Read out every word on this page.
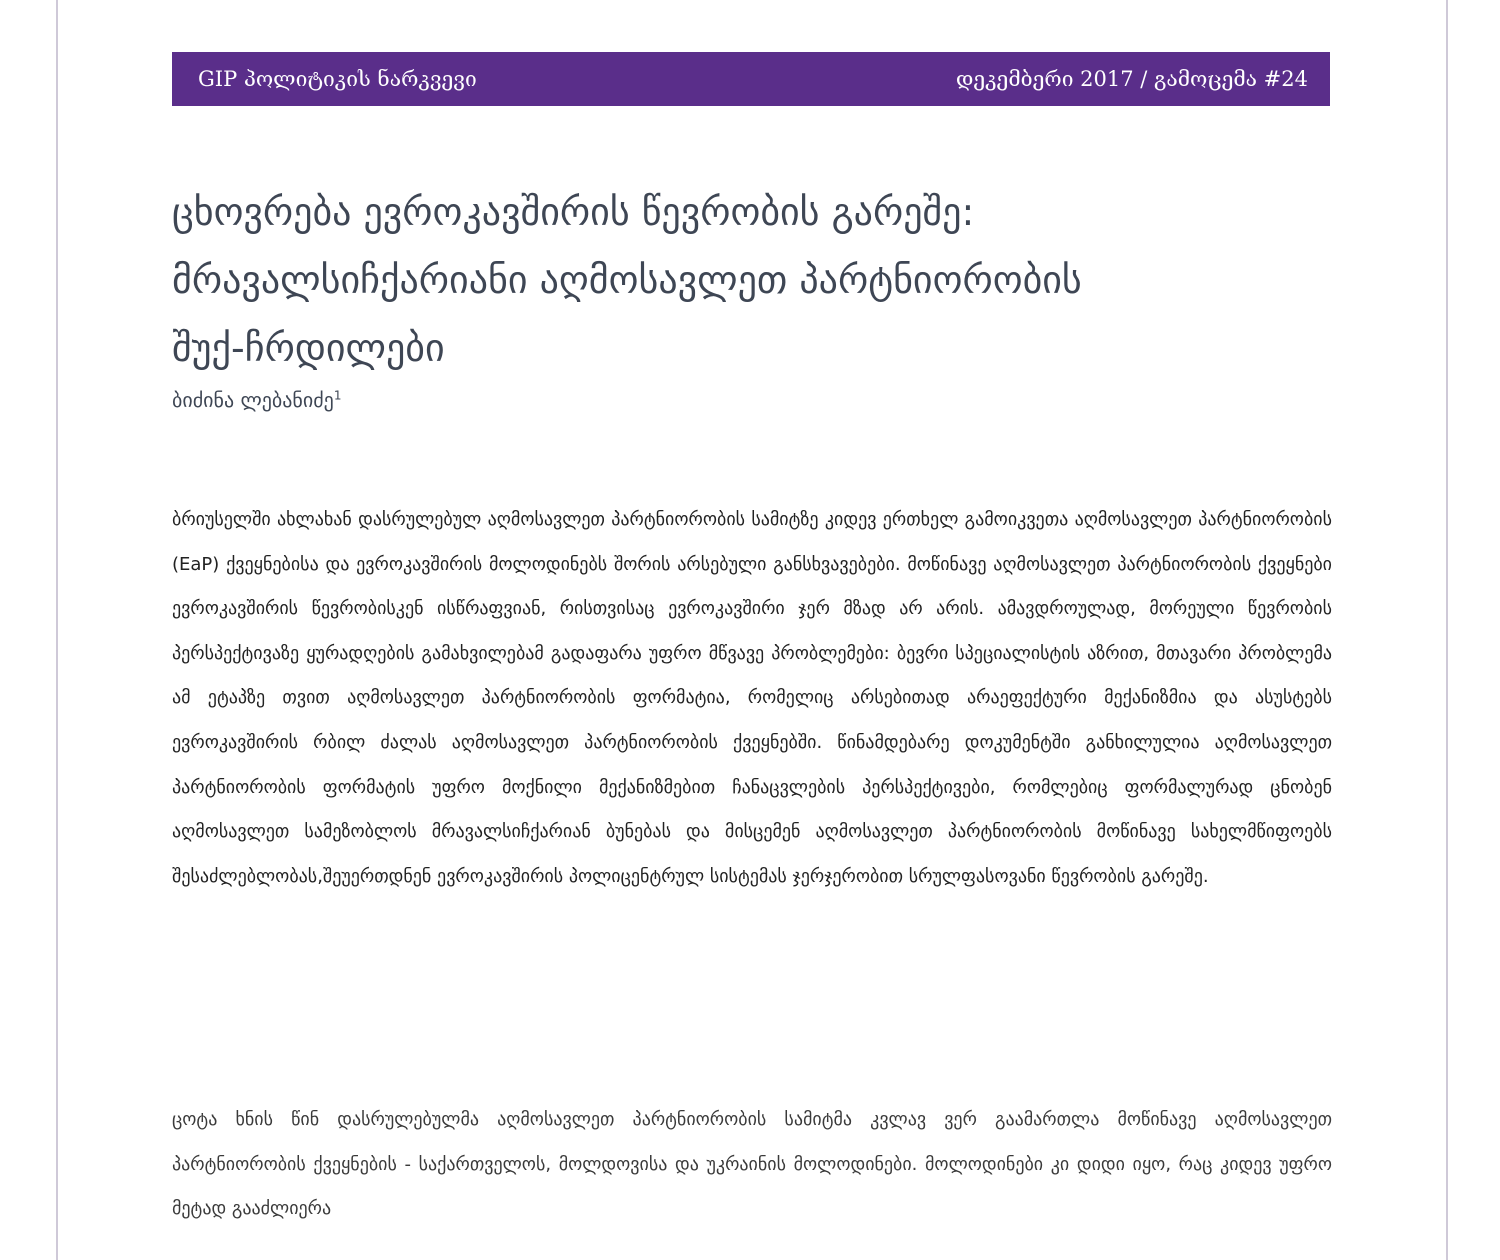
GIP პოლიტიკის ნარკვევი	დეკემბერი 2017 / გამოცემა #24
ცხოვრება ევროკავშირის წევრობის გარეშე:
მრავალსიჩქარიანი აღმოსავლეთ პარტნიორობის
შუქ-ჩრდილები
ბიძინა ლებანიძე$^1$

ბრიუსელში ახლახან დასრულებულ აღმოსავლეთ პარტნიორობის სამიტზე კიდევ ერთხელ გამოიკვეთა აღმოსავლეთ პარტნიორობის (EaP) ქვეყნებისა და ევროკავშირის მოლოდინებს შორის არსებული განსხვავებები. მოწინავე აღმოსავლეთ პარტნიორობის ქვეყნები ევროკავშირის წევრობისკენ ისწრაფვიან, რისთვისაც ევროკავშირი ჯერ მზად არ არის. ამავდროულად, მორეული წევრობის პერსპექტივაზე ყურადღების გამახვილებამ გადაფარა უფრო მწვავე პრობლემები: ბევრი სპეციალისტის აზრით, მთავარი პრობლემა ამ ეტაპზე თვით აღმოსავლეთ პარტნიორობის ფორმატია, რომელიც არსებითად არაეფექტური მექანიზმია და ასუსტებს ევროკავშირის რბილ ძალას აღმოსავლეთ პარტნიორობის ქვეყნებში. წინამდებარე დოკუმენტში განხილულია აღმოსავლეთ პარტნიორობის ფორმატის უფრო მოქნილი მექანიზმებით ჩანაცვლების პერსპექტივები, რომლებიც ფორმალურად ცნობენ აღმოსავლეთ სამეზობლოს მრავალსიჩქარიან ბუნებას და მისცემენ აღმოსავლეთ პარტნიორობის მოწინავე სახელმწიფოებს შესაძლებლობას,შეუერთდნენ ევროკავშირის პოლიცენტრულ სისტემას ჯერჯერობით სრულფასოვანი წევრობის გარეშე.

ცოტა ხნის წინ დასრულებულმა აღმოსავლეთ პარტნიორობის სამიტმა კვლავ ვერ გაამართლა მოწინავე აღმოსავლეთ პარტნიორობის ქვეყნების - საქართველოს, მოლდოვისა და უკრაინის მოლოდინები. მოლოდინები კი დიდი იყო, რაც კიდევ უფრო მეტად გააძლიერა
